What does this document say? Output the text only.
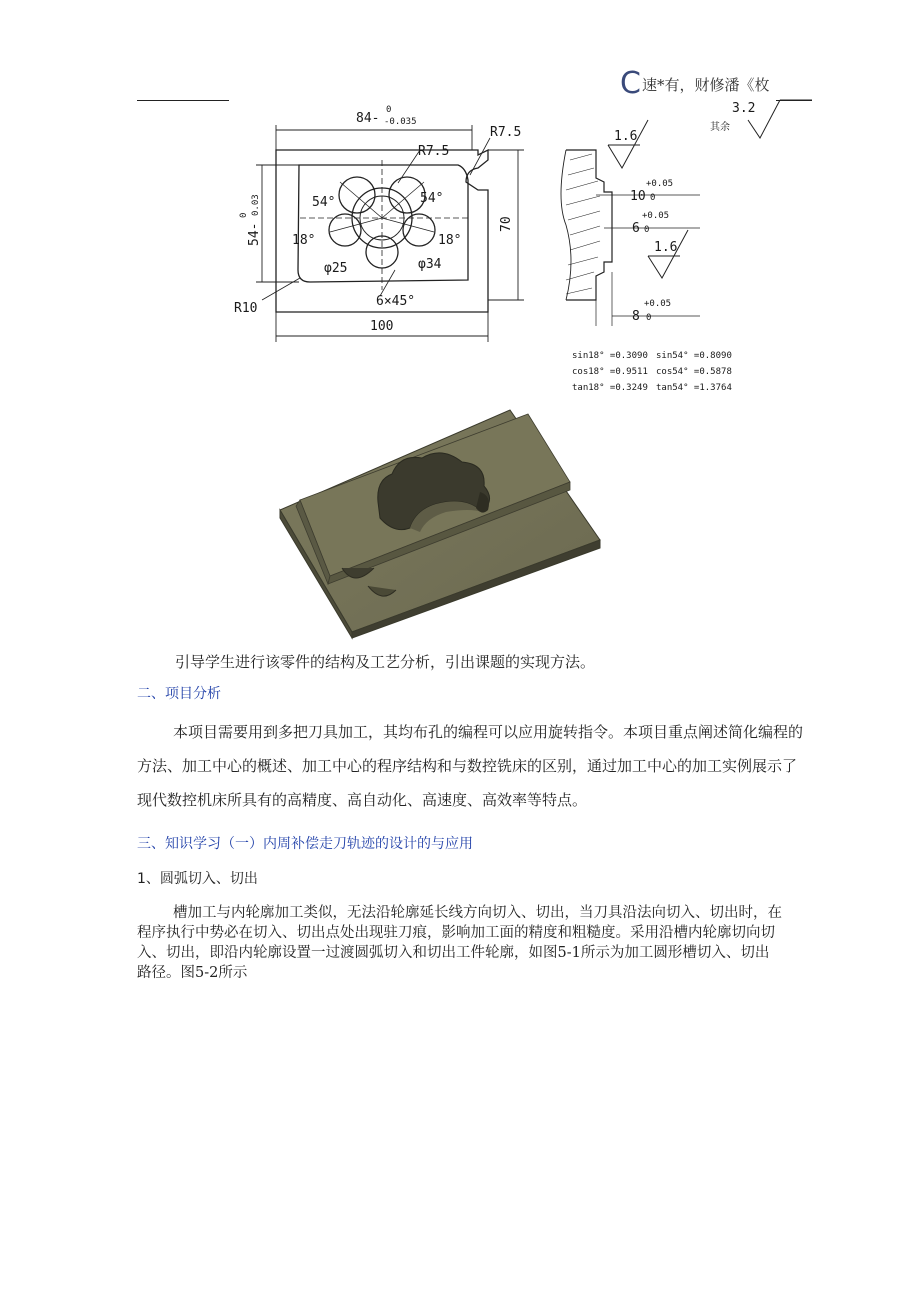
C速*有，财修潘《枚
84-
0
-0.035
R7.5
R7.5
54°	54°
18°	18°
φ25	φ34
70
54-
0 0.03
R10	6×45°
100
1.6
1.6
3.2
其余
10
+0.05
0
6
+0.05
0
8
+0.05
0
sin18° =0.3090 sin54° =0.8090
cos18° =0.9511 cos54° =0.5878
tan18° =0.3249 tan54° =1.3764
引导学生进行该零件的结构及工艺分析，引出课题的实现方法。
二、项目分析
本项目需要用到多把刀具加工，其均布孔的编程可以应用旋转指令。本项目重点阐述简化编程的
方法、加工中心的概述、加工中心的程序结构和与数控铣床的区别，通过加工中心的加工实例展示了
现代数控机床所具有的高精度、高自动化、高速度、高效率等特点。
三、知识学习（一）内周补偿走刀轨迹的设计的与应用
1、圆弧切入、切出
槽加工与内轮廓加工类似，无法沿轮廓延长线方向切入、切出，当刀具沿法向切入、切出时，在
程序执行中势必在切入、切出点处出现驻刀痕，影响加工面的精度和粗糙度。采用沿槽内轮廓切向切
入、切出，即沿内轮廓设置一过渡圆弧切入和切出工件轮廓，如图5-1所示为加工圆形槽切入、切出
路径。图5-2所示
